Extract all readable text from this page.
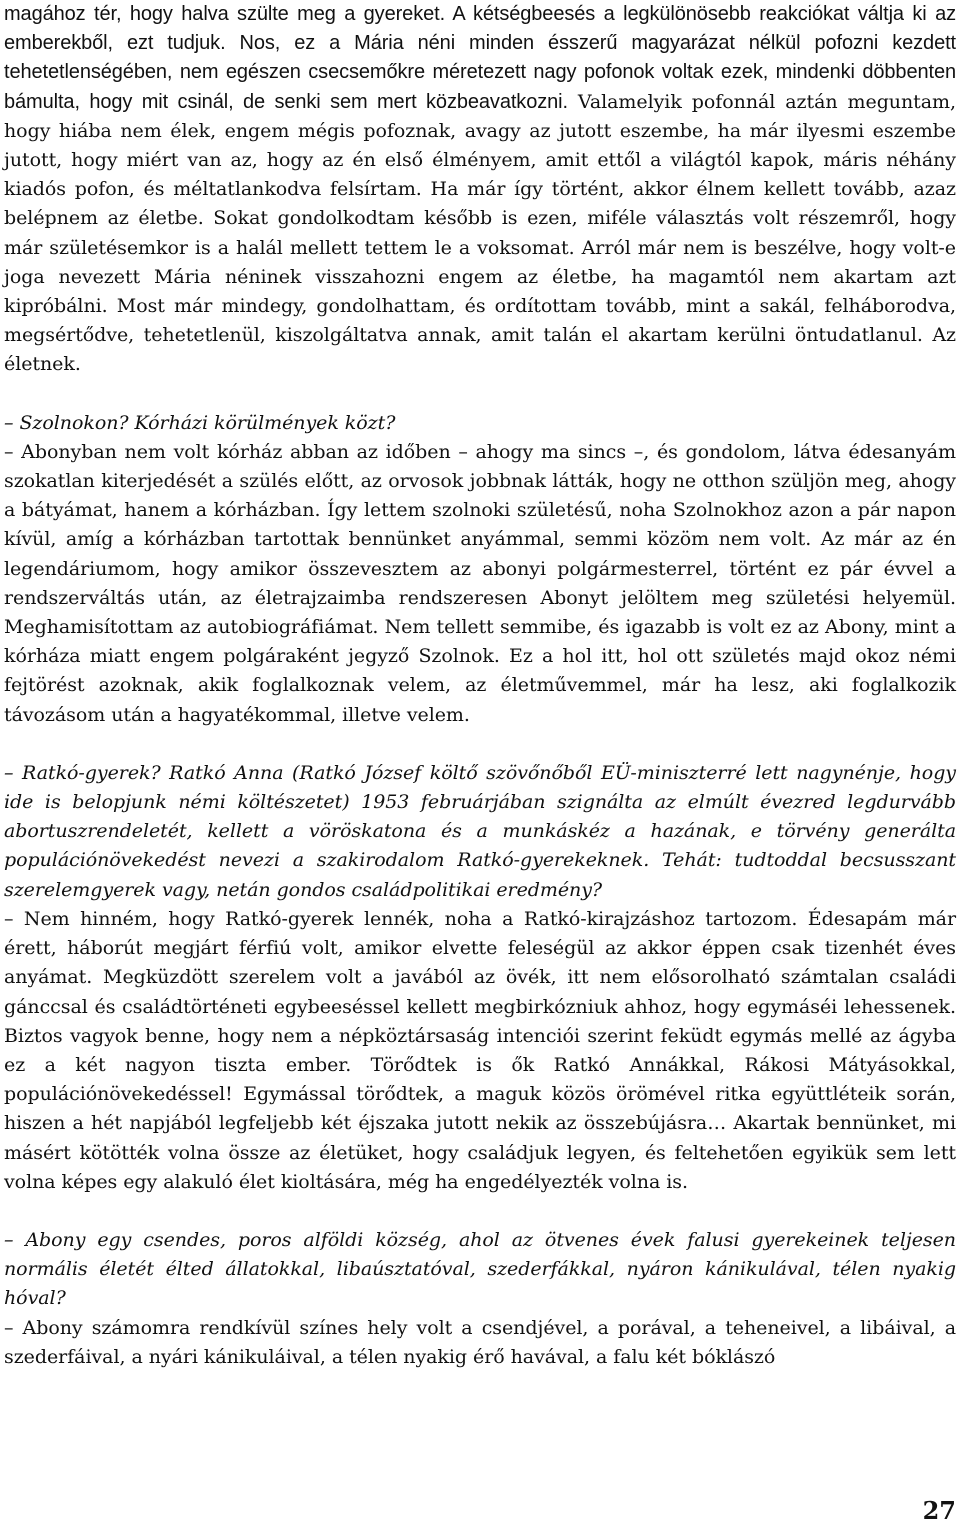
magához tér, hogy halva szülte meg a gyereket. A kétségbeesés a legkülönösebb reakciókat váltja ki az emberekből, ezt tudjuk. Nos, ez a Mária néni minden ésszerű magyarázat nélkül pofozni kezdett tehetetlenségében, nem egészen csecsemőkre méretezett nagy pofonok voltak ezek, mindenki döbbenten bámulta, hogy mit csinál, de senki sem mert közbeavatkozni. Valamelyik pofonnál aztán meguntam, hogy hiába nem élek, engem mégis pofoznak, avagy az jutott eszembe, ha már ilyesmi eszembe jutott, hogy miért van az, hogy az én első élményem, amit ettől a világtól kapok, máris néhány kiadós pofon, és méltatlankodva felsírtam. Ha már így történt, akkor élnem kellett tovább, azaz belépnem az életbe. Sokat gondolkodtam később is ezen, miféle választás volt részemről, hogy már születésemkor is a halál mellett tettem le a voksomat. Arról már nem is beszélve, hogy volt-e joga nevezett Mária néninek visszahozni engem az életbe, ha magamtól nem akartam azt kipróbálni. Most már mindegy, gondolhattam, és ordítottam tovább, mint a sakál, felháborodva, megsértődve, tehetetlenül, kiszolgáltatva annak, amit talán el akartam kerülni öntudatlanul. Az életnek.

– Szolnokon? Kórházi körülmények közt?

– Abonyban nem volt kórház abban az időben – ahogy ma sincs –, és gondolom, látva édesanyám szokatlan kiterjedését a szülés előtt, az orvosok jobbnak látták, hogy ne otthon szüljön meg, ahogy a bátyámat, hanem a kórházban. Így lettem szolnoki születésű, noha Szolnokhoz azon a pár napon kívül, amíg a kórházban tartottak bennünket anyámmal, semmi közöm nem volt. Az már az én legendáriumom, hogy amikor összevesztem az abonyi polgármesterrel, történt ez pár évvel a rendszerváltás után, az életrajzaimba rendszeresen Abonyt jelöltem meg születési helyemül. Meghamisítottam az autobiográfiámat. Nem tellett semmibe, és igazabb is volt ez az Abony, mint a kórháza miatt engem polgáraként jegyző Szolnok. Ez a hol itt, hol ott születés majd okoz némi fejtörést azoknak, akik foglalkoznak velem, az életművemmel, már ha lesz, aki foglalkozik távozásom után a hagyatékommal, illetve velem.

– Ratkó-gyerek? Ratkó Anna (Ratkó József költő szövőnőből EÜ-miniszterré lett nagynénje, hogy ide is belopjunk némi költészetet) 1953 februárjában szignálta az elmúlt évezred legdurvább abortuszrendeletét, kellett a vöröskatona és a munkáskéz a hazának, e törvény generálta populációnövekedést nevezi a szakirodalom Ratkó-gyerekeknek. Tehát: tudtoddal becsusszant szerelemgyerek vagy, netán gondos családpolitikai eredmény?

– Nem hinném, hogy Ratkó-gyerek lennék, noha a Ratkó-kirajzáshoz tartozom. Édesapám már érett, háborút megjárt férfiú volt, amikor elvette feleségül az akkor éppen csak tizenhét éves anyámat. Megküzdött szerelem volt a javából az övék, itt nem elősorolható számtalan családi gánccsal és családtörténeti egybeeséssel kellett megbirkózniuk ahhoz, hogy egymáséi lehessenek. Biztos vagyok benne, hogy nem a népköztársaság intenciói szerint feküdt egymás mellé az ágyba ez a két nagyon tiszta ember. Törődtek is ők Ratkó Annákkal, Rákosi Mátyásokkal, populációnövekedéssel! Egymással törődtek, a maguk közös örömével ritka együttléteik során, hiszen a hét napjából legfeljebb két éjszaka jutott nekik az összebújásra… Akartak bennünket, mi másért kötötték volna össze az életüket, hogy családjuk legyen, és feltehetően egyikük sem lett volna képes egy alakuló élet kioltására, még ha engedélyezték volna is.

– Abony egy csendes, poros alföldi község, ahol az ötvenes évek falusi gyerekeinek teljesen normális életét élted állatokkal, libaúsztatóval, szederfákkal, nyáron kánikulával, télen nyakig hóval?

– Abony számomra rendkívül színes hely volt a csendjével, a porával, a teheneivel, a libáival, a szederfáival, a nyári kánikuláival, a télen nyakig érő havával, a falu két bóklászó

27
